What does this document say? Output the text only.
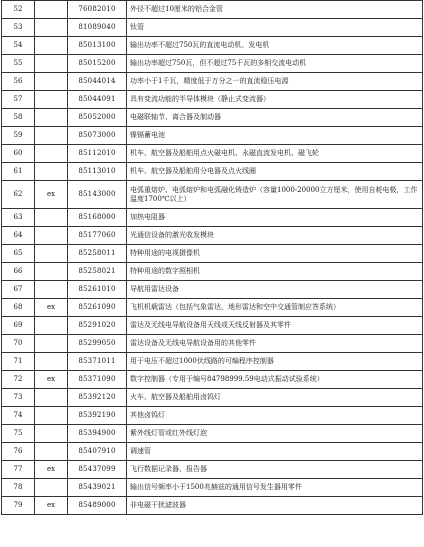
52		76082010	外径不超过10厘米的铝合金管
53		81089040	钛管
54		85013100	输出功率不超过750瓦的直流电动机、发电机
55		85015200	输出功率超过750瓦，但不超过75千瓦的多相交流电动机
56		85044014	功率小于1千瓦，精度低于万分之一的直流稳压电源
57		85044091	具有变流功能的半导体模块（静止式变流器）
58		85052000	电磁联轴节、离合器及制动器
59		85073000	镍镉蓄电池
60		85112010	机车、航空器及船舶用点火磁电机、永磁直流发电机、磁飞轮
61		85113010	机车、航空器及船舶用分电器及点火线圈
62	ex	85143000	电弧重熔炉、电弧熔炉和电弧融化铸造炉（容量1000-20000立方厘米，使用自耗电极，工作温度1700℃以上）
63		85168000	加热电阻器
64		85177060	光通信设备的激光收发模块
65		85258011	特种用途的电视摄像机
66		85258021	特种用途的数字照相机
67		85261010	导航用雷达设备
68	ex	85261090	飞机机载雷达（包括气象雷达，地形雷达和空中交通管制应答系统）
69		85291020	雷达及无线电导航设备用天线或天线反射器及其零件
70		85299050	雷达设备及无线电导航设备用的其他零件
71		85371011	用于电压不超过1000伏线路的可编程序控制器
72	ex	85371090	数字控制器（专用于编号84798999.59电动式振动试验系统）
73		85392120	火车、航空器及船舶用卤钨灯
74		85392190	其他卤钨灯
75		85394900	紫外线灯管或红外线灯泡
76		85407910	调速管
77	ex	85437099	飞行数据记录器、报告器
78		85439021	输出信号频率小于1500兆赫兹的通用信号发生器用零件
79	ex	85489000	非电磁干扰滤波器
